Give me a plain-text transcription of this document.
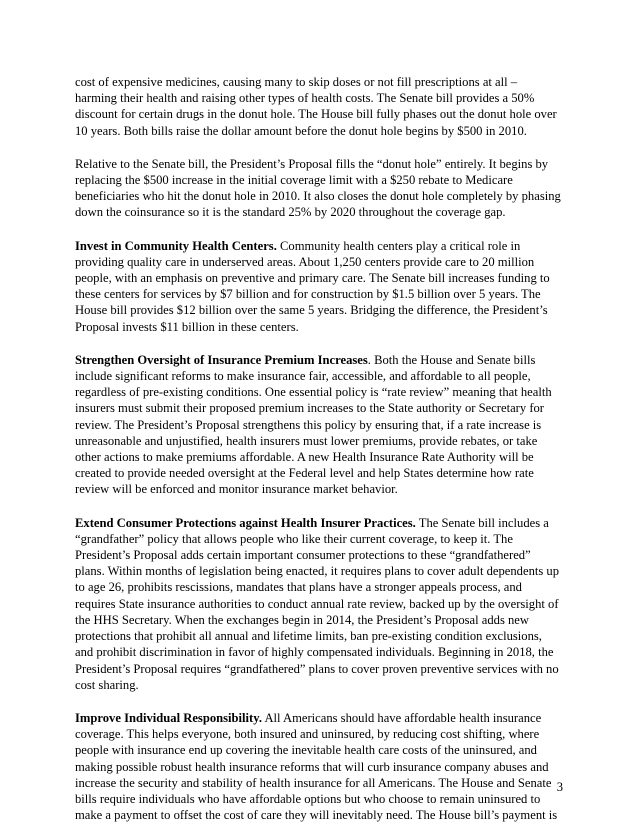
cost of expensive medicines, causing many to skip doses or not fill prescriptions at all – harming their health and raising other types of health costs. The Senate bill provides a 50% discount for certain drugs in the donut hole. The House bill fully phases out the donut hole over 10 years. Both bills raise the dollar amount before the donut hole begins by $500 in 2010.

Relative to the Senate bill, the President’s Proposal fills the “donut hole” entirely. It begins by replacing the $500 increase in the initial coverage limit with a $250 rebate to Medicare beneficiaries who hit the donut hole in 2010. It also closes the donut hole completely by phasing down the coinsurance so it is the standard 25% by 2020 throughout the coverage gap.

Invest in Community Health Centers. Community health centers play a critical role in providing quality care in underserved areas. About 1,250 centers provide care to 20 million people, with an emphasis on preventive and primary care. The Senate bill increases funding to these centers for services by $7 billion and for construction by $1.5 billion over 5 years. The House bill provides $12 billion over the same 5 years. Bridging the difference, the President’s Proposal invests $11 billion in these centers.

Strengthen Oversight of Insurance Premium Increases. Both the House and Senate bills include significant reforms to make insurance fair, accessible, and affordable to all people, regardless of pre-existing conditions. One essential policy is “rate review” meaning that health insurers must submit their proposed premium increases to the State authority or Secretary for review. The President’s Proposal strengthens this policy by ensuring that, if a rate increase is unreasonable and unjustified, health insurers must lower premiums, provide rebates, or take other actions to make premiums affordable. A new Health Insurance Rate Authority will be created to provide needed oversight at the Federal level and help States determine how rate review will be enforced and monitor insurance market behavior.

Extend Consumer Protections against Health Insurer Practices. The Senate bill includes a “grandfather” policy that allows people who like their current coverage, to keep it. The President’s Proposal adds certain important consumer protections to these “grandfathered” plans. Within months of legislation being enacted, it requires plans to cover adult dependents up to age 26, prohibits rescissions, mandates that plans have a stronger appeals process, and requires State insurance authorities to conduct annual rate review, backed up by the oversight of the HHS Secretary. When the exchanges begin in 2014, the President’s Proposal adds new protections that prohibit all annual and lifetime limits, ban pre-existing condition exclusions, and prohibit discrimination in favor of highly compensated individuals. Beginning in 2018, the President’s Proposal requires “grandfathered” plans to cover proven preventive services with no cost sharing.

Improve Individual Responsibility. All Americans should have affordable health insurance coverage. This helps everyone, both insured and uninsured, by reducing cost shifting, where people with insurance end up covering the inevitable health care costs of the uninsured, and making possible robust health insurance reforms that will curb insurance company abuses and increase the security and stability of health insurance for all Americans. The House and Senate bills require individuals who have affordable options but who choose to remain uninsured to make a payment to offset the cost of care they will inevitably need. The House bill’s payment is

3
